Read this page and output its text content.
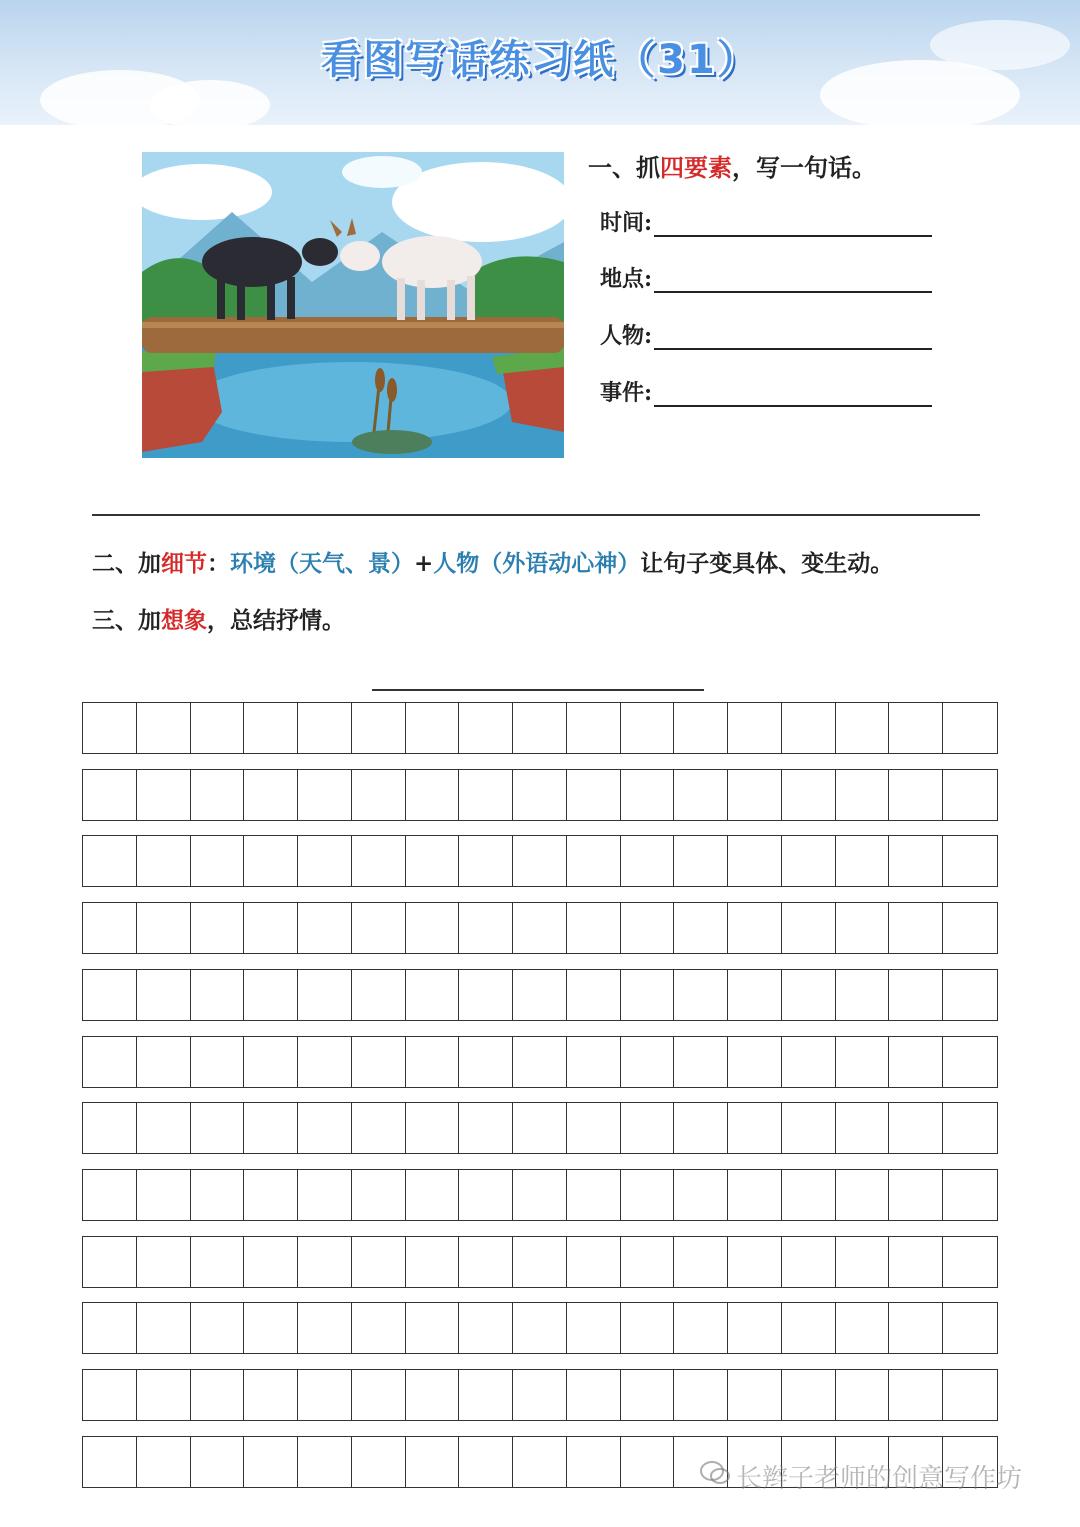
看图写话练习纸（31）
一、抓四要素，写一句话。
时间:
地点:
人物:
事件:
二、加细节：环境（天气、景）+人物（外语动心神）让句子变具体、变生动。
三、加想象，总结抒情。
长辫子老师的创意写作坊
